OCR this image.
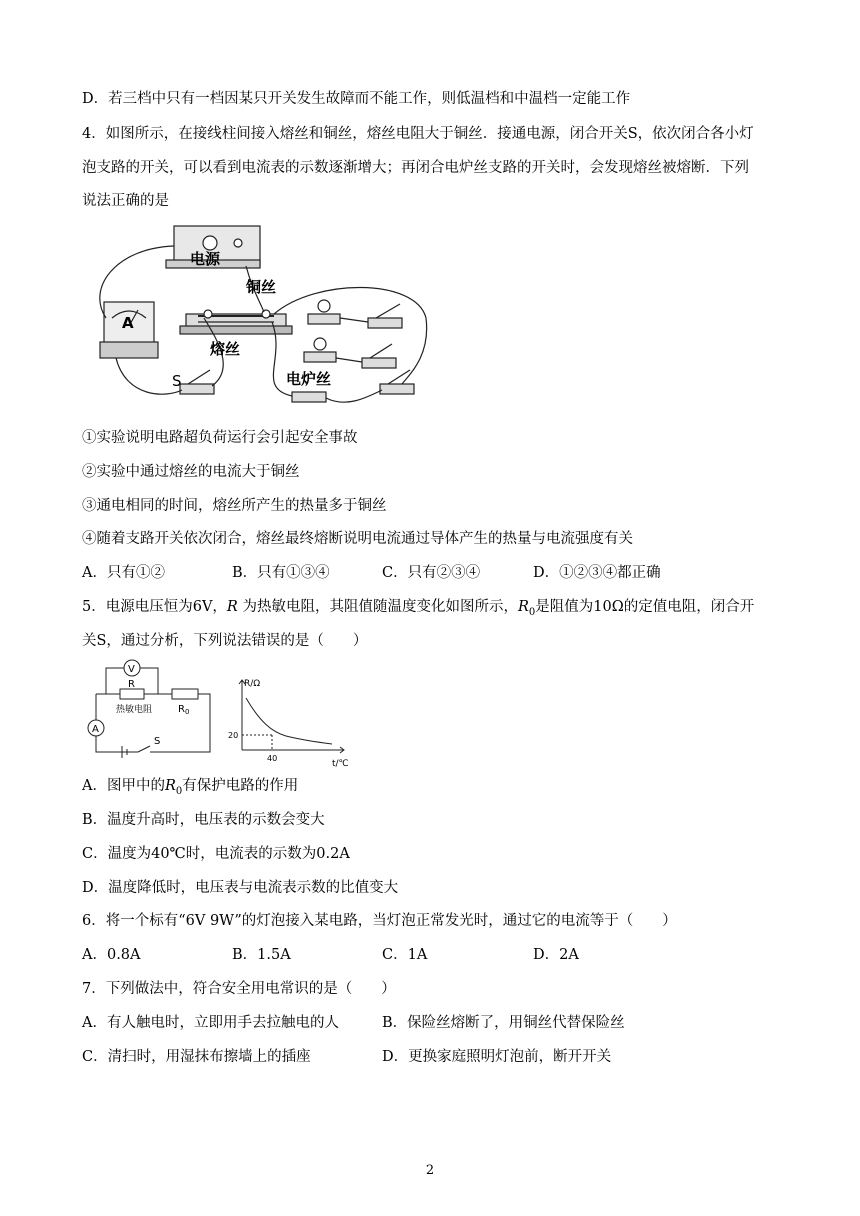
D．若三档中只有一档因某只开关发生故障而不能工作，则低温档和中温档一定能工作
4．如图所示，在接线柱间接入熔丝和铜丝，熔丝电阻大于铜丝．接通电源，闭合开关S，依次闭合各小灯
泡支路的开关，可以看到电流表的示数逐渐增大；再闭合电炉丝支路的开关时，会发现熔丝被熔断．下列
说法正确的是
电源
铜丝
熔丝
电炉丝
A
S
①实验说明电路超负荷运行会引起安全事故
②实验中通过熔丝的电流大于铜丝
③通电相同的时间，熔丝所产生的热量多于铜丝
④随着支路开关依次闭合，熔丝最终熔断说明电流通过导体产生的热量与电流强度有关
A．只有①②	B．只有①③④	C．只有②③④	D．①②③④都正确
5．电源电压恒为6V，R 为热敏电阻，其阻值随温度变化如图所示，$R_0$是阻值为10Ω的定值电阻，闭合开
关S，通过分析，下列说法错误的是（　　）
V
A
R
热敏电阻	$R_0$
S
R/Ω
t/℃
20
40
A．图甲中的$R_0$有保护电路的作用
B．温度升高时，电压表的示数会变大
C．温度为40℃时，电流表的示数为0.2A
D．温度降低时，电压表与电流表示数的比值变大
6．将一个标有“6V 9W”的灯泡接入某电路，当灯泡正常发光时，通过它的电流等于（　　）
A．0.8A	B．1.5A	C．1A	D．2A
7．下列做法中，符合安全用电常识的是（　　）
A．有人触电时，立即用手去拉触电的人	B．保险丝熔断了，用铜丝代替保险丝
C．清扫时，用湿抹布擦墙上的插座	D．更换家庭照明灯泡前，断开开关
2
